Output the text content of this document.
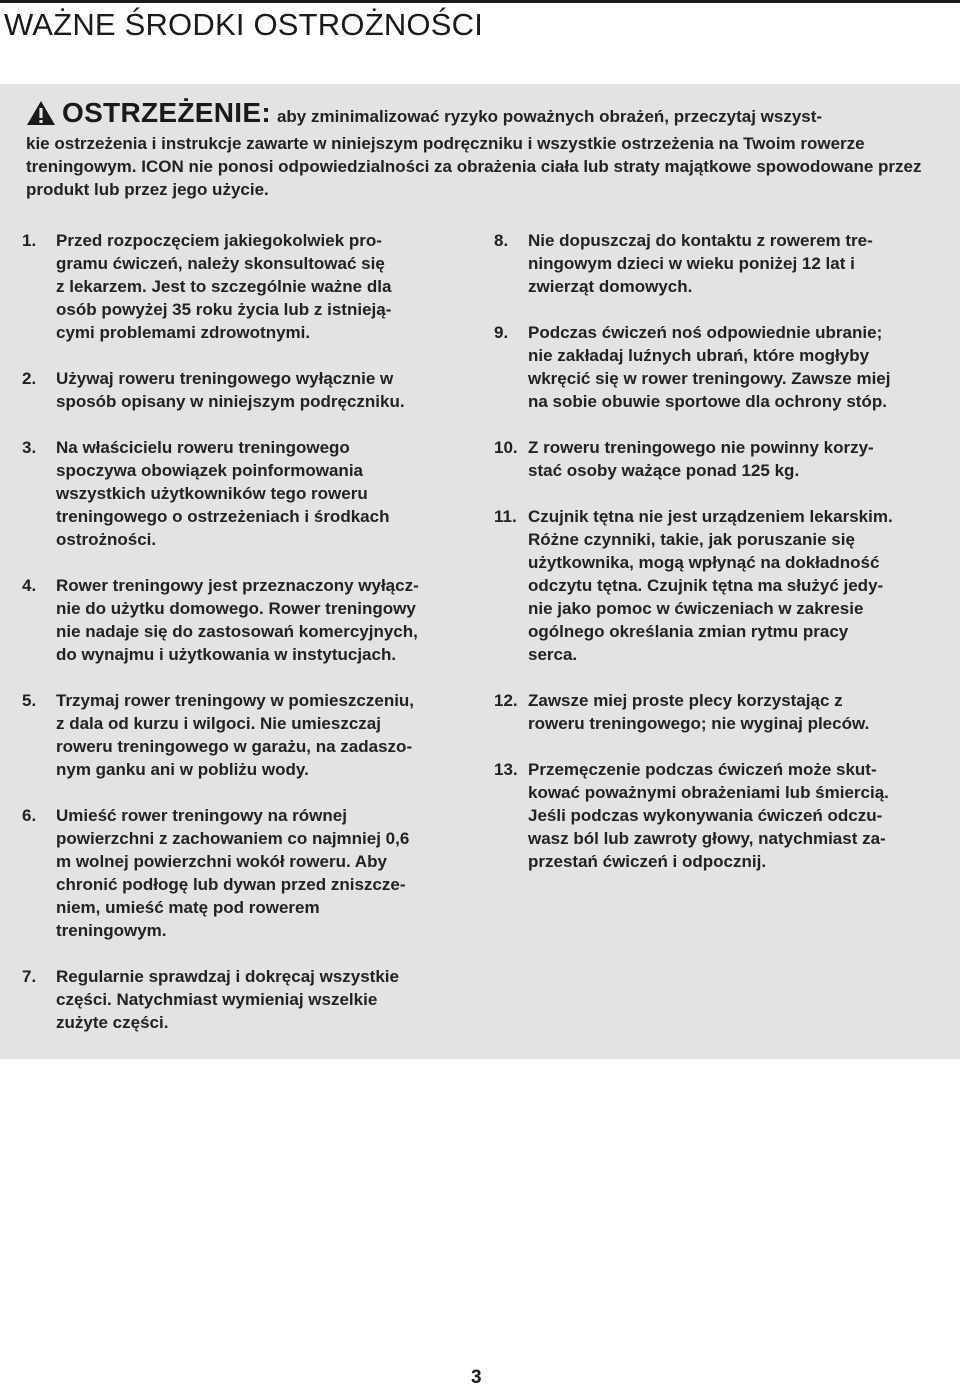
WAŻNE ŚRODKI OSTROŻNOŚCI

OSTRZEŻENIE: aby zminimalizować ryzyko poważnych obrażeń, przeczytaj wszyst-
kie ostrzeżenia i instrukcje zawarte w niniejszym podręczniku i wszystkie ostrzeżenia na Twoim rowerze treningowym. ICON nie ponosi odpowiedzialności za obrażenia ciała lub straty majątkowe spowodowane przez produkt lub przez jego użycie.

1.	Przed rozpoczęciem jakiegokolwiek pro-
gramu ćwiczeń, należy skonsultować się
z lekarzem. Jest to szczególnie ważne dla
osób powyżej 35 roku życia lub z istnieją-
cymi problemami zdrowotnymi.
2.	Używaj roweru treningowego wyłącznie w
sposób opisany w niniejszym podręczniku.
3.	Na właścicielu roweru treningowego
spoczywa obowiązek poinformowania
wszystkich użytkowników tego roweru
treningowego o ostrzeżeniach i środkach
ostrożności.
4.	Rower treningowy jest przeznaczony wyłącz-
nie do użytku domowego. Rower treningowy
nie nadaje się do zastosowań komercyjnych,
do wynajmu i użytkowania w instytucjach.
5.	Trzymaj rower treningowy w pomieszczeniu,
z dala od kurzu i wilgoci. Nie umieszczaj
roweru treningowego w garażu, na zadaszo-
nym ganku ani w pobliżu wody.
6.	Umieść rower treningowy na równej
powierzchni z zachowaniem co najmniej 0,6
m wolnej powierzchni wokół roweru. Aby
chronić podłogę lub dywan przed zniszcze-
niem, umieść matę pod rowerem
treningowym.
7.	Regularnie sprawdzaj i dokręcaj wszystkie
części. Natychmiast wymieniaj wszelkie
zużyte części.
8.	Nie dopuszczaj do kontaktu z rowerem tre-
ningowym dzieci w wieku poniżej 12 lat i
zwierząt domowych.
9.	Podczas ćwiczeń noś odpowiednie ubranie;
nie zakładaj luźnych ubrań, które mogłyby
wkręcić się w rower treningowy. Zawsze miej
na sobie obuwie sportowe dla ochrony stóp.
10. Z roweru treningowego nie powinny korzy-
stać osoby ważące ponad 125 kg.
11. Czujnik tętna nie jest urządzeniem lekarskim.
Różne czynniki, takie, jak poruszanie się
użytkownika, mogą wpłynąć na dokładność
odczytu tętna. Czujnik tętna ma służyć jedy-
nie jako pomoc w ćwiczeniach w zakresie
ogólnego określania zmian rytmu pracy
serca.
12. Zawsze miej proste plecy korzystając z
roweru treningowego; nie wyginaj pleców.
13. Przemęczenie podczas ćwiczeń może skut-
kować poważnymi obrażeniami lub śmiercią.
Jeśli podczas wykonywania ćwiczeń odczu-
wasz ból lub zawroty głowy, natychmiast za-
przestań ćwiczeń i odpocznij.
3
